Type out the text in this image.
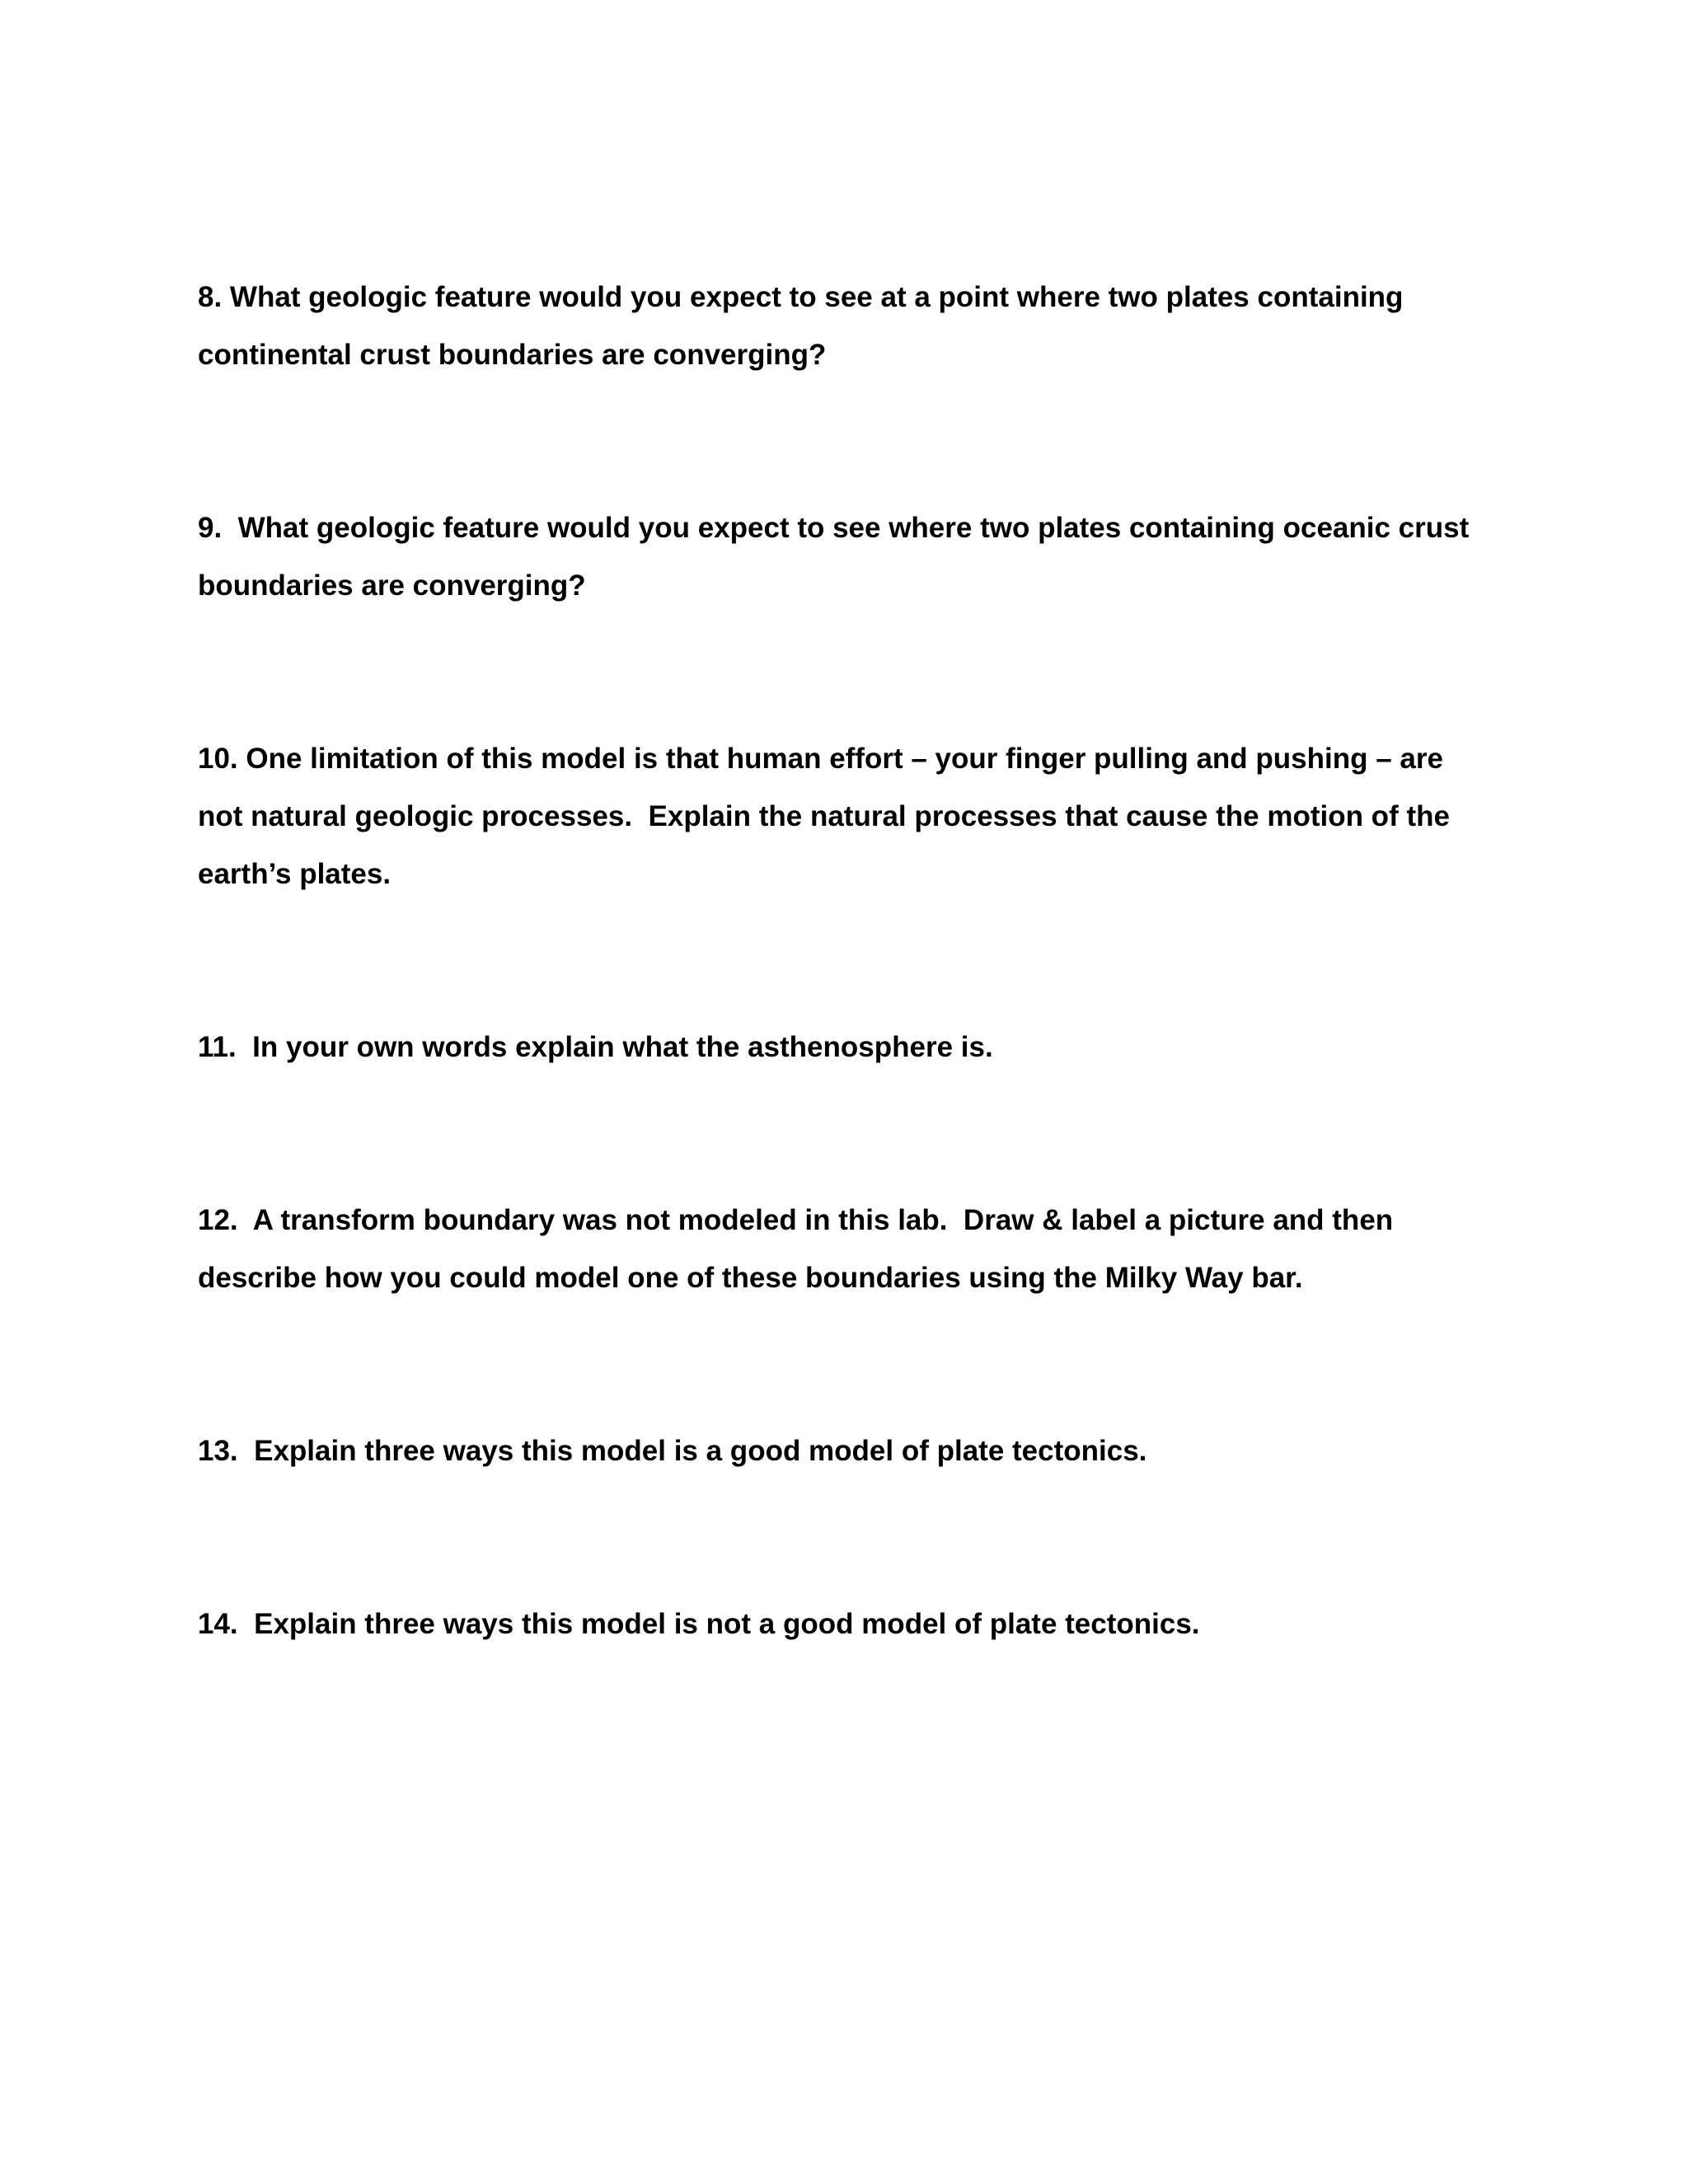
8. What geologic feature would you expect to see at a point where two plates containing continental crust boundaries are converging?

9.  What geologic feature would you expect to see where two plates containing oceanic crust boundaries are converging?

10. One limitation of this model is that human effort – your finger pulling and pushing – are not natural geologic processes.  Explain the natural processes that cause the motion of the earth’s plates.

11.  In your own words explain what the asthenosphere is.

12.  A transform boundary was not modeled in this lab.  Draw & label a picture and then describe how you could model one of these boundaries using the Milky Way bar.

13.  Explain three ways this model is a good model of plate tectonics.

14.  Explain three ways this model is not a good model of plate tectonics.
